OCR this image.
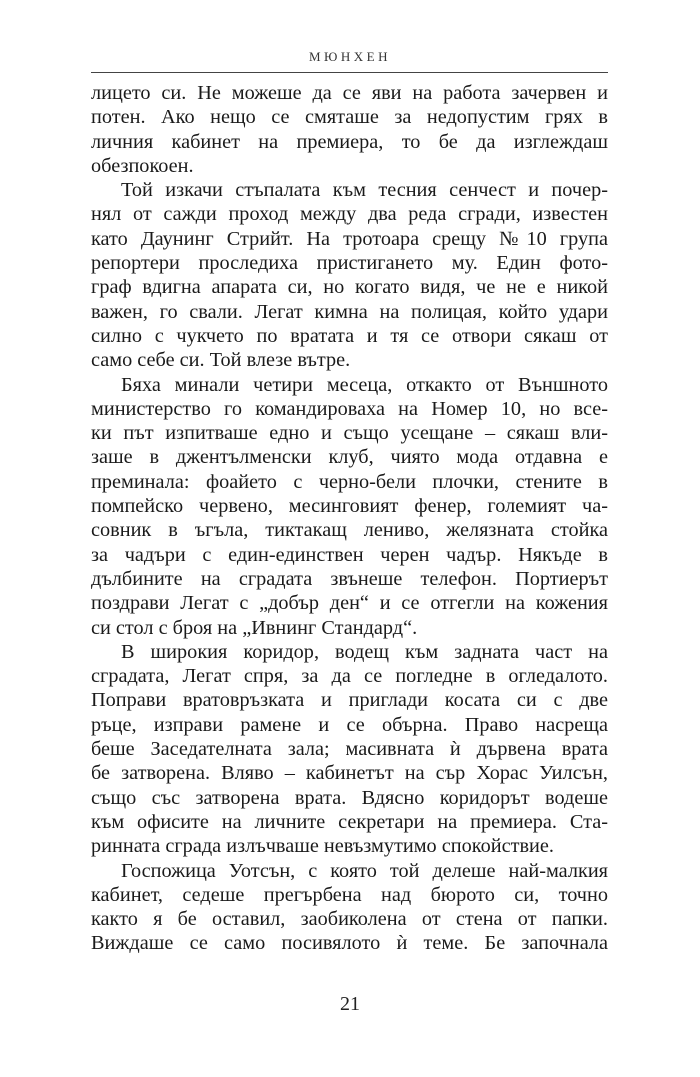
МЮНХЕН
лицето си. Не можеше да се яви на работа зачервен и
потен. Ако нещо се смяташе за недопустим грях в
личния кабинет на премиера, то бе да изглеждаш
обезпокоен.
Той изкачи стъпалата към тесния сенчест и почер-
нял от сажди проход между два реда сгради, известен
като Даунинг Стрийт. На тротоара срещу №10 група
репортери проследиха пристигането му. Един фото-
граф вдигна апарата си, но когато видя, че не е никой
важен, го свали. Легат кимна на полицая, който удари
силно с чукчето по вратата и тя се отвори сякаш от
само себе си. Той влезе вътре.
Бяха минали четири месеца, откакто от Външното
министерство го командироваха на Номер 10, но все-
ки път изпитваше едно и също усещане – сякаш вли-
заше в джентълменски клуб, чиято мода отдавна е
преминала: фоайето с черно-бели плочки, стените в
помпейско червено, месинговият фенер, големият ча-
совник в ъгъла, тиктакащ лениво, желязната стойка
за чадъри с един-единствен черен чадър. Някъде в
дълбините на сградата звънеше телефон. Портиерът
поздрави Легат с „добър ден“ и се отгегли на кожения
си стол с броя на „Ивнинг Стандард“.
В широкия коридор, водещ към задната част на
сградата, Легат спря, за да се погледне в огледалото.
Поправи вратовръзката и приглади косата си с две
ръце, изправи рамене и се обърна. Право насреща
беше Заседателната зала; масивната ѝ дървена врата
бе затворена. Вляво – кабинетът на сър Хорас Уилсън,
също със затворена врата. Вдясно коридорът водеше
към офисите на личните секретари на премиера. Ста-
ринната сграда излъчваше невъзмутимо спокойствие.
Госпожица Уотсън, с която той делеше най-малкия
кабинет, седеше прегърбена над бюрото си, точно
както я бе оставил, заобиколена от стена от папки.
Виждаше се само посивялото ѝ теме. Бе започнала
21
